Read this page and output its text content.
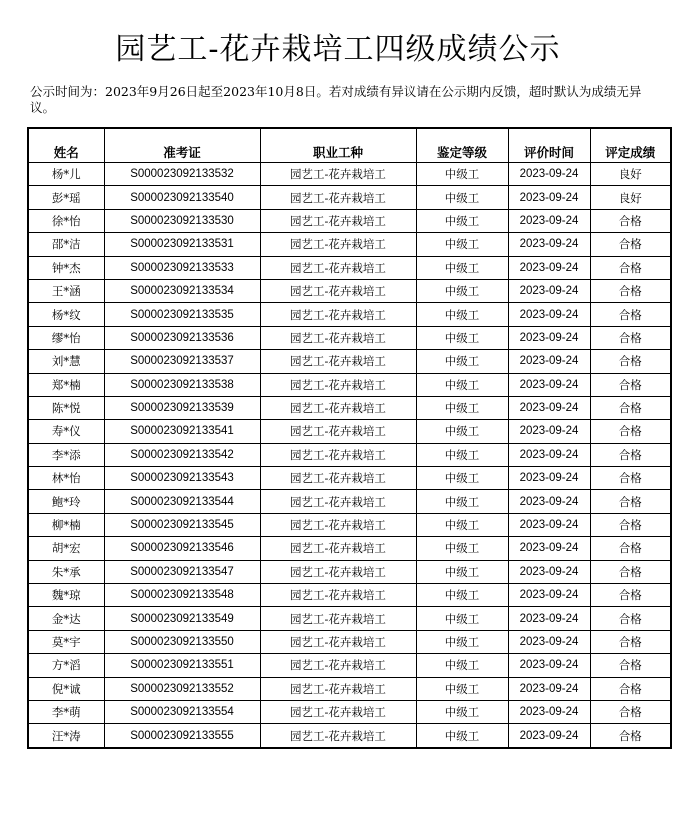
园艺工-花卉栽培工四级成绩公示
公示时间为：2023年9月26日起至2023年10月8日。若对成绩有异议请在公示期内反馈，超时默认为成绩无异议。
姓名	准考证	职业工种	鉴定等级	评价时间	评定成绩
杨*儿	S000023092133532	园艺工-花卉栽培工	中级工	2023-09-24	良好
彭*瑶	S000023092133540	园艺工-花卉栽培工	中级工	2023-09-24	良好
徐*怡	S000023092133530	园艺工-花卉栽培工	中级工	2023-09-24	合格
邵*洁	S000023092133531	园艺工-花卉栽培工	中级工	2023-09-24	合格
钟*杰	S000023092133533	园艺工-花卉栽培工	中级工	2023-09-24	合格
王*涵	S000023092133534	园艺工-花卉栽培工	中级工	2023-09-24	合格
杨*纹	S000023092133535	园艺工-花卉栽培工	中级工	2023-09-24	合格
缪*怡	S000023092133536	园艺工-花卉栽培工	中级工	2023-09-24	合格
刘*慧	S000023092133537	园艺工-花卉栽培工	中级工	2023-09-24	合格
郑*楠	S000023092133538	园艺工-花卉栽培工	中级工	2023-09-24	合格
陈*悦	S000023092133539	园艺工-花卉栽培工	中级工	2023-09-24	合格
寿*仪	S000023092133541	园艺工-花卉栽培工	中级工	2023-09-24	合格
李*添	S000023092133542	园艺工-花卉栽培工	中级工	2023-09-24	合格
林*怡	S000023092133543	园艺工-花卉栽培工	中级工	2023-09-24	合格
鲍*玲	S000023092133544	园艺工-花卉栽培工	中级工	2023-09-24	合格
柳*楠	S000023092133545	园艺工-花卉栽培工	中级工	2023-09-24	合格
胡*宏	S000023092133546	园艺工-花卉栽培工	中级工	2023-09-24	合格
朱*承	S000023092133547	园艺工-花卉栽培工	中级工	2023-09-24	合格
魏*琼	S000023092133548	园艺工-花卉栽培工	中级工	2023-09-24	合格
金*达	S000023092133549	园艺工-花卉栽培工	中级工	2023-09-24	合格
莫*宇	S000023092133550	园艺工-花卉栽培工	中级工	2023-09-24	合格
方*滔	S000023092133551	园艺工-花卉栽培工	中级工	2023-09-24	合格
倪*诚	S000023092133552	园艺工-花卉栽培工	中级工	2023-09-24	合格
李*萌	S000023092133554	园艺工-花卉栽培工	中级工	2023-09-24	合格
汪*涛	S000023092133555	园艺工-花卉栽培工	中级工	2023-09-24	合格
